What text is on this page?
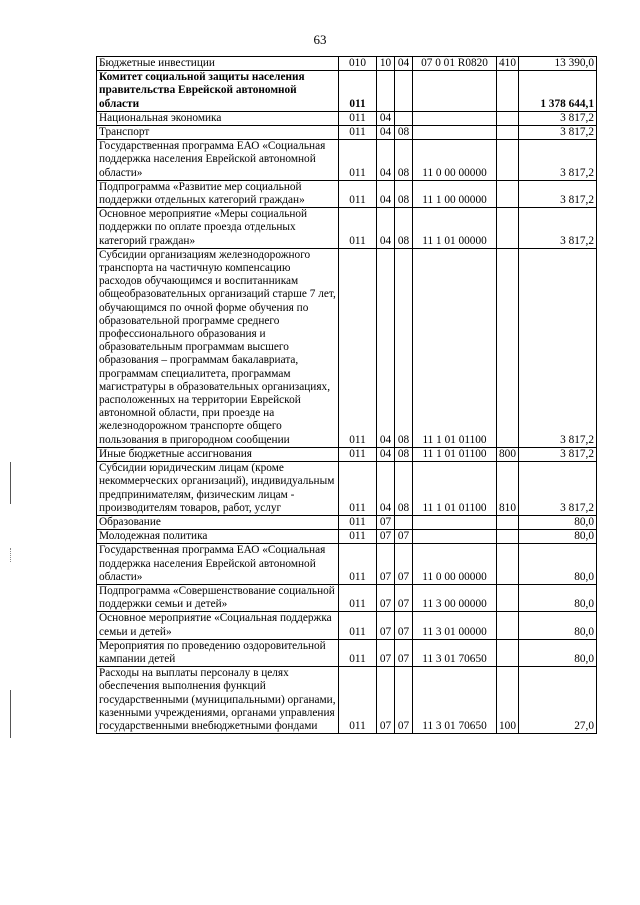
63
Бюджетные инвестиции	010	10	04	07 0 01 R0820	410	13 390,0
Комитет социальной защиты населения правительства Еврейской автономной области	011					1 378 644,1
Национальная экономика	011	04				3 817,2
Транспорт	011	04	08			3 817,2
Государственная программа ЕАО «Социальная поддержка населения Еврейской автономной области»	011	04	08	11 0 00 00000		3 817,2
Подпрограмма «Развитие мер социальной поддержки отдельных категорий граждан»	011	04	08	11 1 00 00000		3 817,2
Основное мероприятие «Меры социальной поддержки по оплате проезда отдельных категорий граждан»	011	04	08	11 1 01 00000		3 817,2
Субсидии организациям железнодорожного транспорта на частичную компенсацию расходов обучающимся и воспитанникам общеобразовательных организаций старше 7 лет, обучающимся по очной форме обучения по образовательной программе среднего профессионального образования и образовательным программам высшего образования – программам бакалавриата, программам специалитета, программам магистратуры в образовательных организациях, расположенных на территории Еврейской автономной области, при проезде на железнодорожном транспорте общего пользования в пригородном сообщении	011	04	08	11 1 01 01100		3 817,2
Иные бюджетные ассигнования	011	04	08	11 1 01 01100	800	3 817,2
Субсидии юридическим лицам (кроме некоммерческих организаций), индивидуальным предпринимателям, физическим лицам - производителям товаров, работ, услуг	011	04	08	11 1 01 01100	810	3 817,2
Образование	011	07				80,0
Молодежная политика	011	07	07			80,0
Государственная программа ЕАО «Социальная поддержка населения Еврейской автономной области»	011	07	07	11 0 00 00000		80,0
Подпрограмма «Совершенствование социальной поддержки семьи и детей»	011	07	07	11 3 00 00000		80,0
Основное мероприятие «Социальная поддержка семьи и детей»	011	07	07	11 3 01 00000		80,0
Мероприятия по проведению оздоровительной кампании детей	011	07	07	11 3 01 70650		80,0
Расходы на выплаты персоналу в целях обеспечения выполнения функций государственными (муниципальными) органами, казенными учреждениями, органами управления государственными внебюджетными фондами	011	07	07	11 3 01 70650	100	27,0
